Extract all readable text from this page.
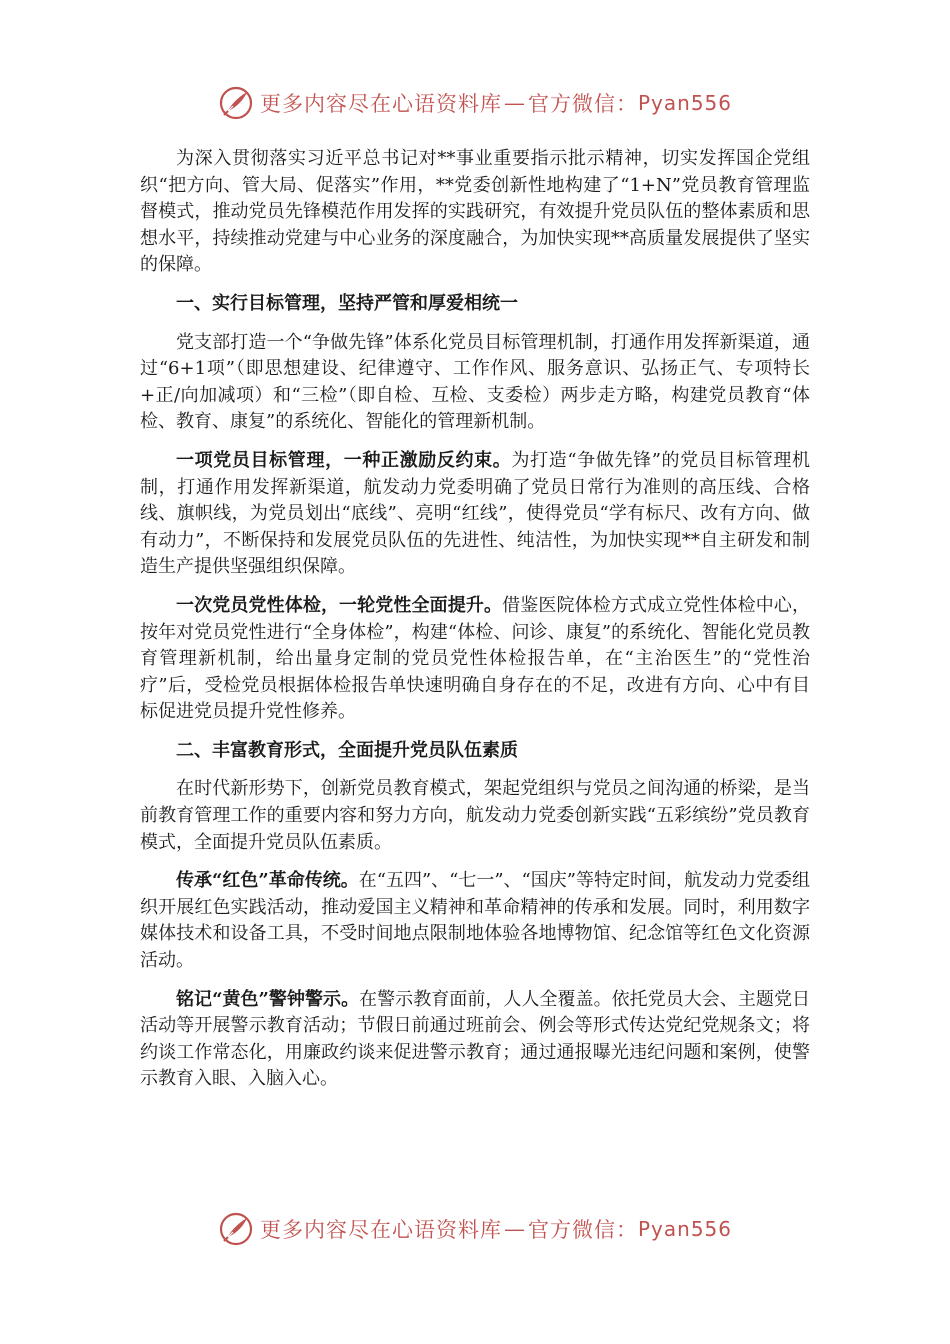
更多内容尽在心语资料库 — 官方微信： Pyan556

为深入贯彻落实习近平总书记对**事业重要指示批示精神，切实发挥国企党组织“把方向、管大局、促落实”作用，**党委创新性地构建了“1+N”党员教育管理监督模式，推动党员先锋模范作用发挥的实践研究，有效提升党员队伍的整体素质和思想水平，持续推动党建与中心业务的深度融合，为加快实现**高质量发展提供了坚实的保障。

一、实行目标管理，坚持严管和厚爱相统一

党支部打造一个“争做先锋”体系化党员目标管理机制，打通作用发挥新渠道，通过“6+1项”（即思想建设、纪律遵守、工作作风、服务意识、弘扬正气、专项特长+正/向加减项）和“三检”（即自检、互检、支委检）两步走方略，构建党员教育“体检、教育、康复”的系统化、智能化的管理新机制。

一项党员目标管理，一种正激励反约束。为打造“争做先锋”的党员目标管理机制，打通作用发挥新渠道，航发动力党委明确了党员日常行为准则的高压线、合格线、旗帜线，为党员划出“底线”、亮明“红线”，使得党员“学有标尺、改有方向、做有动力”，不断保持和发展党员队伍的先进性、纯洁性，为加快实现**自主研发和制造生产提供坚强组织保障。

一次党员党性体检，一轮党性全面提升。借鉴医院体检方式成立党性体检中心，按年对党员党性进行“全身体检”，构建“体检、问诊、康复”的系统化、智能化党员教育管理新机制，给出量身定制的党员党性体检报告单，在“主治医生”的“党性治疗”后，受检党员根据体检报告单快速明确自身存在的不足，改进有方向、心中有目标促进党员提升党性修养。

二、丰富教育形式，全面提升党员队伍素质

在时代新形势下，创新党员教育模式，架起党组织与党员之间沟通的桥梁，是当前教育管理工作的重要内容和努力方向，航发动力党委创新实践“五彩缤纷”党员教育模式，全面提升党员队伍素质。

传承“红色”革命传统。在“五四”、“七一”、“国庆”等特定时间，航发动力党委组织开展红色实践活动，推动爱国主义精神和革命精神的传承和发展。同时，利用数字媒体技术和设备工具，不受时间地点限制地体验各地博物馆、纪念馆等红色文化资源活动。

铭记“黄色”警钟警示。在警示教育面前，人人全覆盖。依托党员大会、主题党日活动等开展警示教育活动；节假日前通过班前会、例会等形式传达党纪党规条文；将约谈工作常态化，用廉政约谈来促进警示教育；通过通报曝光违纪问题和案例，使警示教育入眼、入脑入心。

更多内容尽在心语资料库 — 官方微信： Pyan556
